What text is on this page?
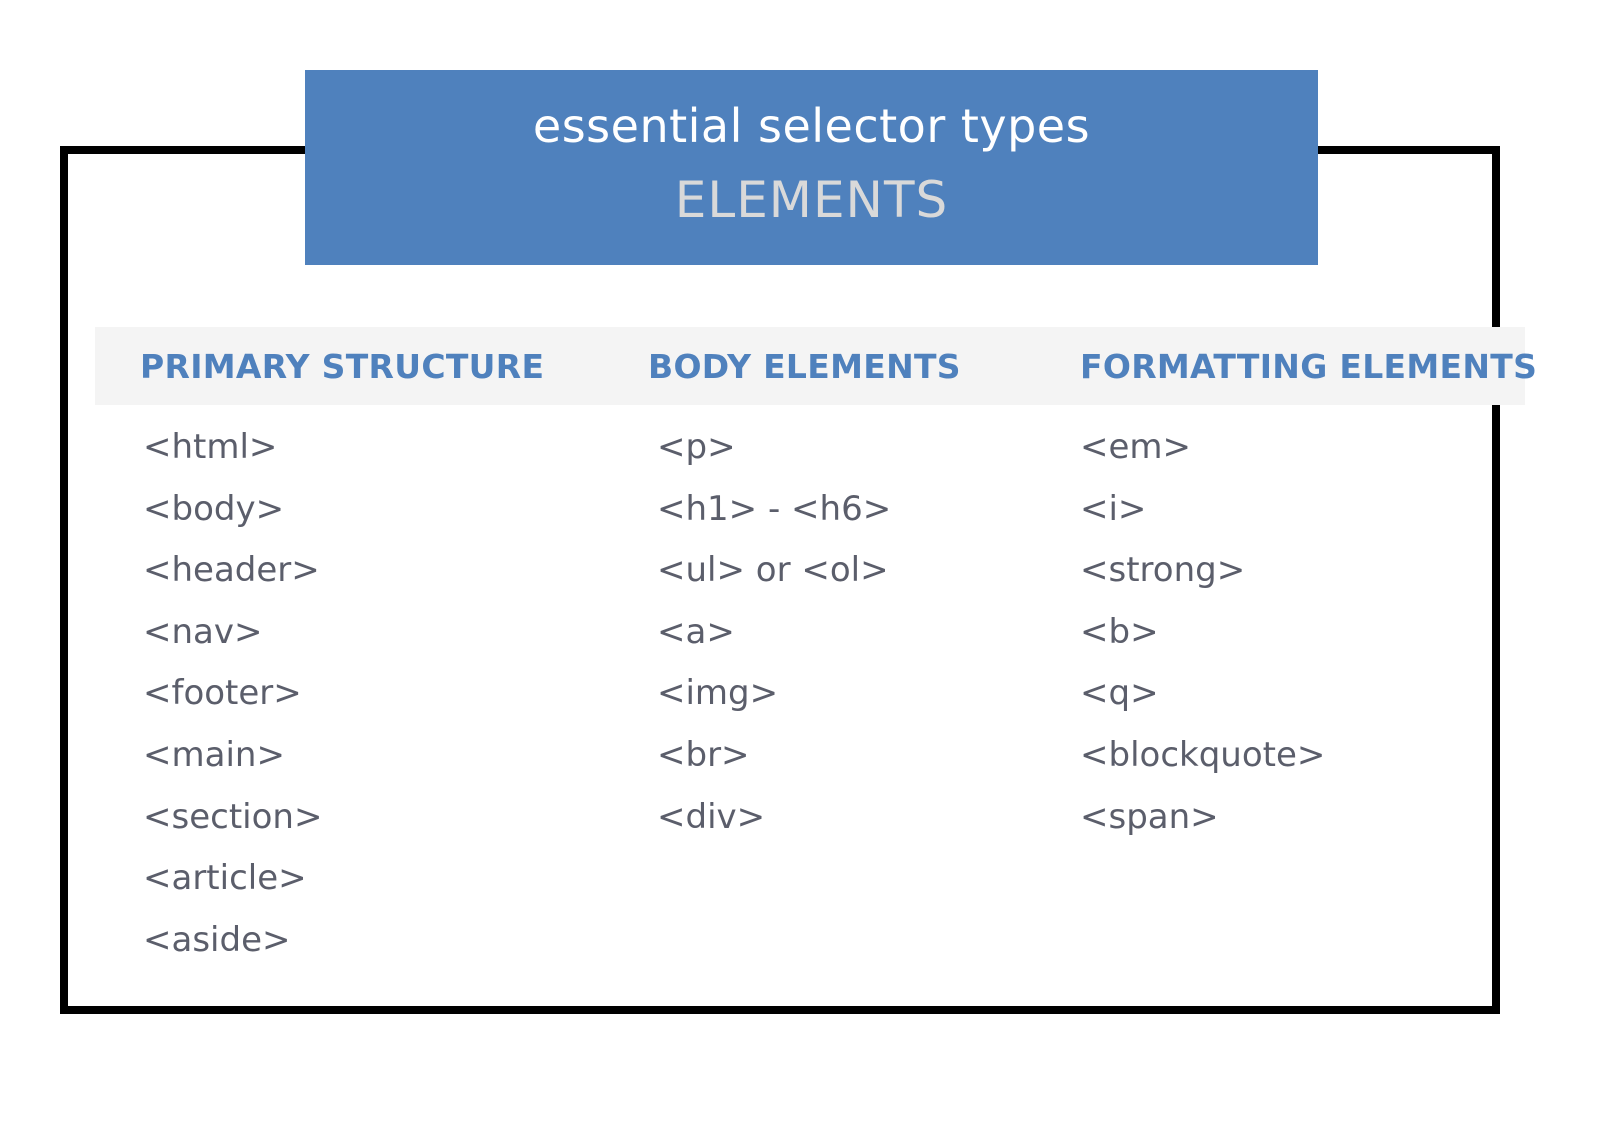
essential selector types
ELEMENTS
PRIMARY STRUCTURE	BODY ELEMENTS	FORMATTING ELEMENTS
<html>
<body>
<header>
<nav>
<footer>
<main>
<section>
<article>
<aside>
<p>
<h1> - <h6>
<ul> or <ol>
<a>
<img>
<br>
<div>
<em>
<i>
<strong>
<b>
<q>
<blockquote>
<span>
